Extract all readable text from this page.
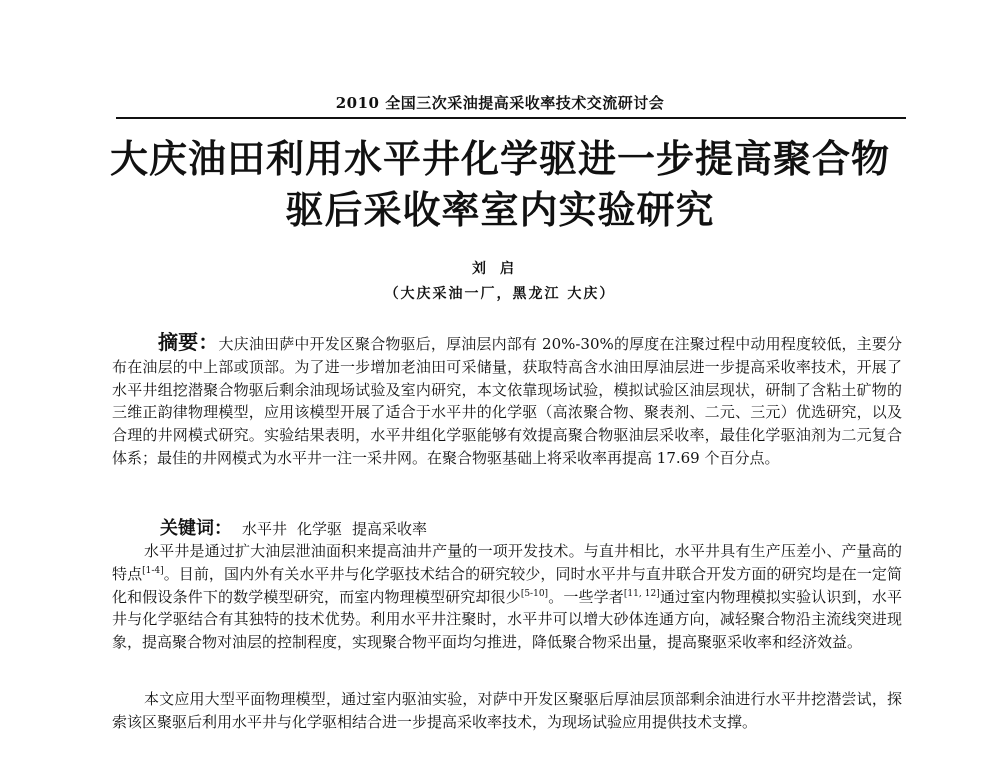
2010 全国三次采油提高采收率技术交流研讨会
大庆油田利用水平井化学驱进一步提高聚合物
驱后采收率室内实验研究
刘启
（大庆采油一厂，黑龙江 大庆）
摘要：大庆油田萨中开发区聚合物驱后，厚油层内部有 20%-30%的厚度在注聚过程中动用程度较低，主要分布在油层的中上部或顶部。为了进一步增加老油田可采储量，获取特高含水油田厚油层进一步提高采收率技术，开展了水平井组挖潜聚合物驱后剩余油现场试验及室内研究，本文依靠现场试验，模拟试验区油层现状，研制了含粘土矿物的三维正韵律物理模型，应用该模型开展了适合于水平井的化学驱（高浓聚合物、聚表剂、二元、三元）优选研究，以及合理的井网模式研究。实验结果表明，水平井组化学驱能够有效提高聚合物驱油层采收率，最佳化学驱油剂为二元复合体系；最佳的井网模式为水平井一注一采井网。在聚合物驱基础上将采收率再提高 17.69 个百分点。
关键词： 水平井 化学驱 提高采收率
水平井是通过扩大油层泄油面积来提高油井产量的一项开发技术。与直井相比，水平井具有生产压差小、产量高的特点[1-4]。目前，国内外有关水平井与化学驱技术结合的研究较少，同时水平井与直井联合开发方面的研究均是在一定简化和假设条件下的数学模型研究，而室内物理模型研究却很少[5-10]。一些学者[11, 12]通过室内物理模拟实验认识到，水平井与化学驱结合有其独特的技术优势。利用水平井注聚时，水平井可以增大砂体连通方向，减轻聚合物沿主流线突进现象，提高聚合物对油层的控制程度，实现聚合物平面均匀推进，降低聚合物采出量，提高聚驱采收率和经济效益。
本文应用大型平面物理模型，通过室内驱油实验，对萨中开发区聚驱后厚油层顶部剩余油进行水平井挖潜尝试，探索该区聚驱后利用水平井与化学驱相结合进一步提高采收率技术，为现场试验应用提供技术支撑。
